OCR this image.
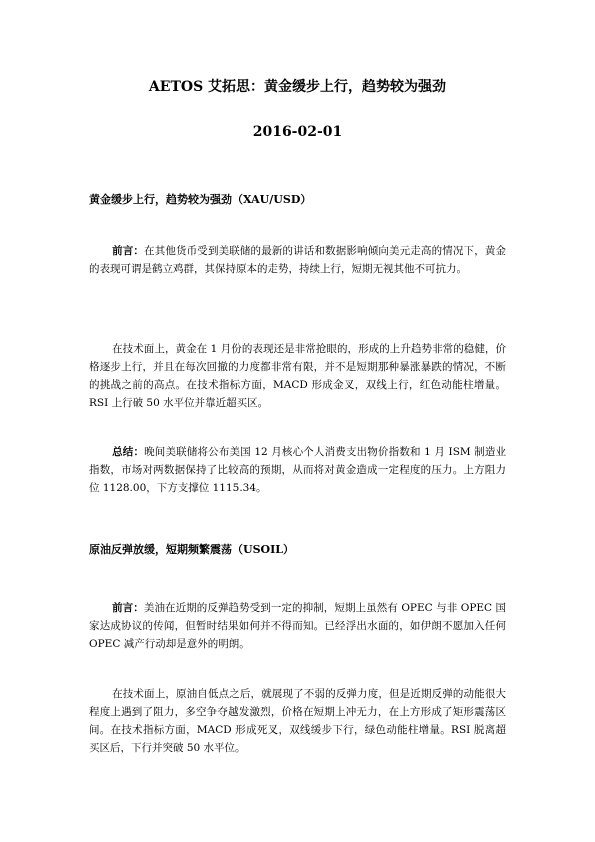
AETOS 艾拓思：黄金缓步上行，趋势较为强劲
2016-02-01
黄金缓步上行，趋势较为强劲（XAU/USD）

前言：在其他货币受到美联储的最新的讲话和数据影响倾向美元走高的情况下，黄金的表现可谓是鹤立鸡群，其保持原本的走势，持续上行，短期无视其他不可抗力。

在技术面上，黄金在 1 月份的表现还是非常抢眼的，形成的上升趋势非常的稳健，价格逐步上行，并且在每次回撤的力度都非常有限，并不是短期那种暴涨暴跌的情况，不断的挑战之前的高点。在技术指标方面，MACD 形成金叉，双线上行，红色动能柱增量。RSI 上行破 50 水平位并靠近超买区。

总结：晚间美联储将公布美国 12 月核心个人消费支出物价指数和 1 月 ISM 制造业指数，市场对两数据保持了比较高的预期，从而将对黄金造成一定程度的压力。上方阻力位 1128.00，下方支撑位 1115.34。

原油反弹放缓，短期频繁震荡（USOIL）

前言：美油在近期的反弹趋势受到一定的抑制，短期上虽然有 OPEC 与非 OPEC 国家达成协议的传闻，但暂时结果如何并不得而知。已经浮出水面的，如伊朗不愿加入任何 OPEC 减产行动却是意外的明朗。

在技术面上，原油自低点之后，就展现了不弱的反弹力度，但是近期反弹的动能很大程度上遇到了阻力，多空争夺越发激烈，价格在短期上冲无力，在上方形成了矩形震荡区间。在技术指标方面，MACD 形成死叉，双线缓步下行，绿色动能柱增量。RSI 脱离超买区后，下行并突破 50 水平位。
